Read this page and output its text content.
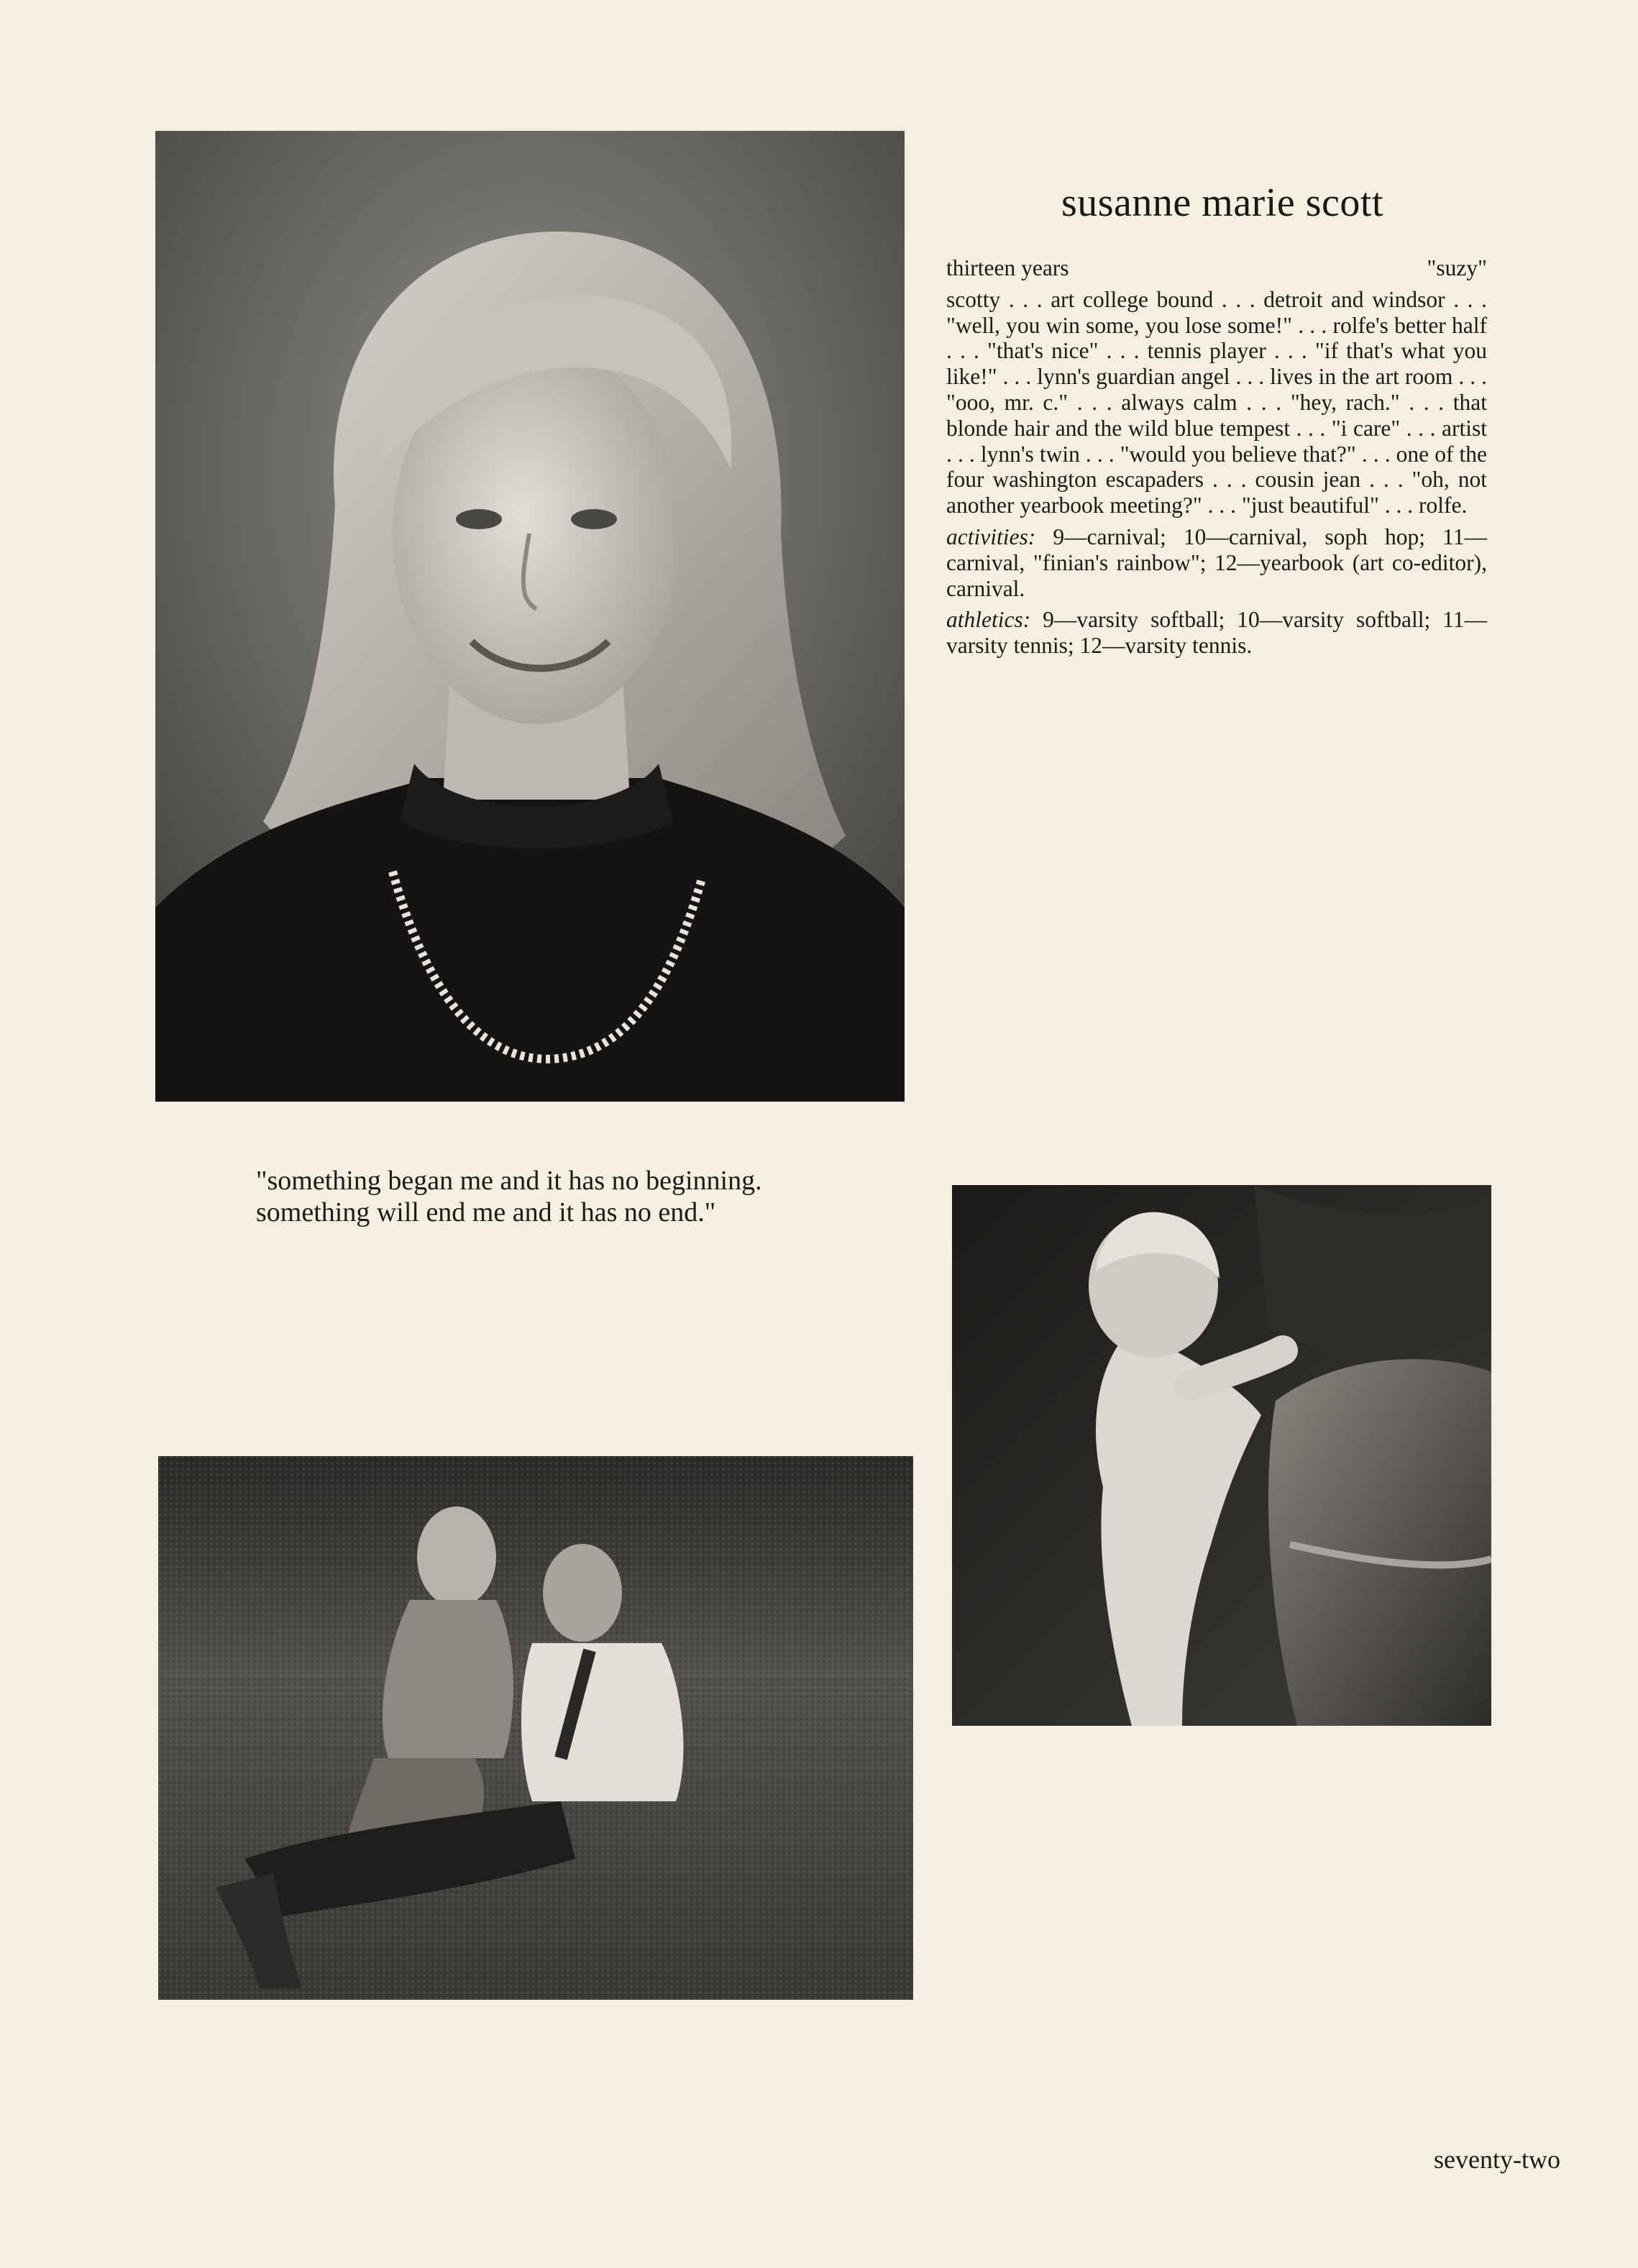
susanne marie scott
thirteen years	"suzy"

scotty . . . art college bound . . . detroit and windsor . . . "well, you win some, you lose some!" . . . rolfe's better half . . . "that's nice" . . . tennis player . . . "if that's what you like!" . . . lynn's guardian angel . . . lives in the art room . . . "ooo, mr. c." . . . always calm . . . "hey, rach." . . . that blonde hair and the wild blue tempest . . . "i care" . . . artist . . . lynn's twin . . . "would you believe that?" . . . one of the four washington escapaders . . . cousin jean . . . "oh, not another yearbook meeting?" . . . "just beautiful" . . . rolfe.

activities: 9—carnival; 10—carnival, soph hop; 11—carnival, "finian's rainbow"; 12—yearbook (art co-editor), carnival.

athletics: 9—varsity softball; 10—varsity softball; 11—varsity tennis; 12—varsity tennis.

"something began me and it has no beginning.
something will end me and it has no end."
seventy-two
